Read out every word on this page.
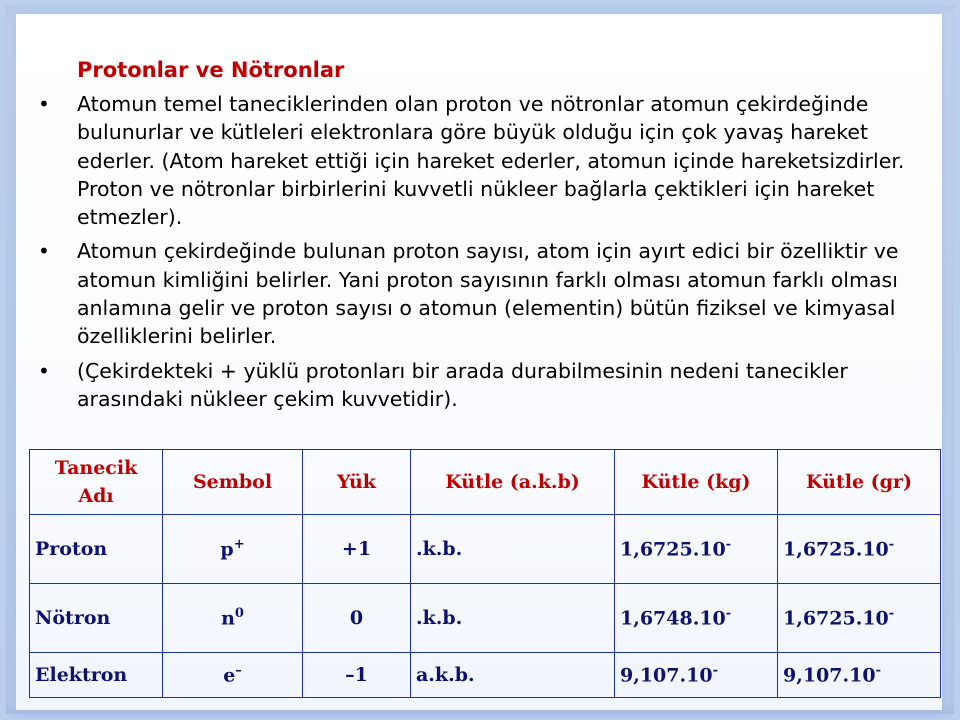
Protonlar ve Nötronlar
• Atomun temel taneciklerinden olan proton ve nötronlar atomun çekirdeğinde bulunurlar ve kütleleri elektronlara göre büyük olduğu için çok yavaş hareket ederler. (Atom hareket ettiği için hareket ederler, atomun içinde hareketsizdirler. Proton ve nötronlar birbirlerini kuvvetli nükleer bağlarla çektikleri için hareket etmezler).
• Atomun çekirdeğinde bulunan proton sayısı, atom için ayırt edici bir özelliktir ve atomun kimliğini belirler. Yani proton sayısının farklı olması atomun farklı olması anlamına gelir ve proton sayısı o atomun (elementin) bütün fiziksel ve kimyasal özelliklerini belirler.
• (Çekirdekteki + yüklü protonları bir arada durabilmesinin nedeni tanecikler arasındaki nükleer çekim kuvvetidir).
Tanecik Adı	Sembol	Yük	Kütle (a.k.b)	Kütle (kg)	Kütle (gr)
Proton	p+	+1	.k.b.	1,6725.10-	1,6725.10-
Nötron	$n^0$	0	.k.b.	1,6748.10-	1,6725.10-
Elektron	e–	–1	a.k.b.	9,107.10-	9,107.10-
